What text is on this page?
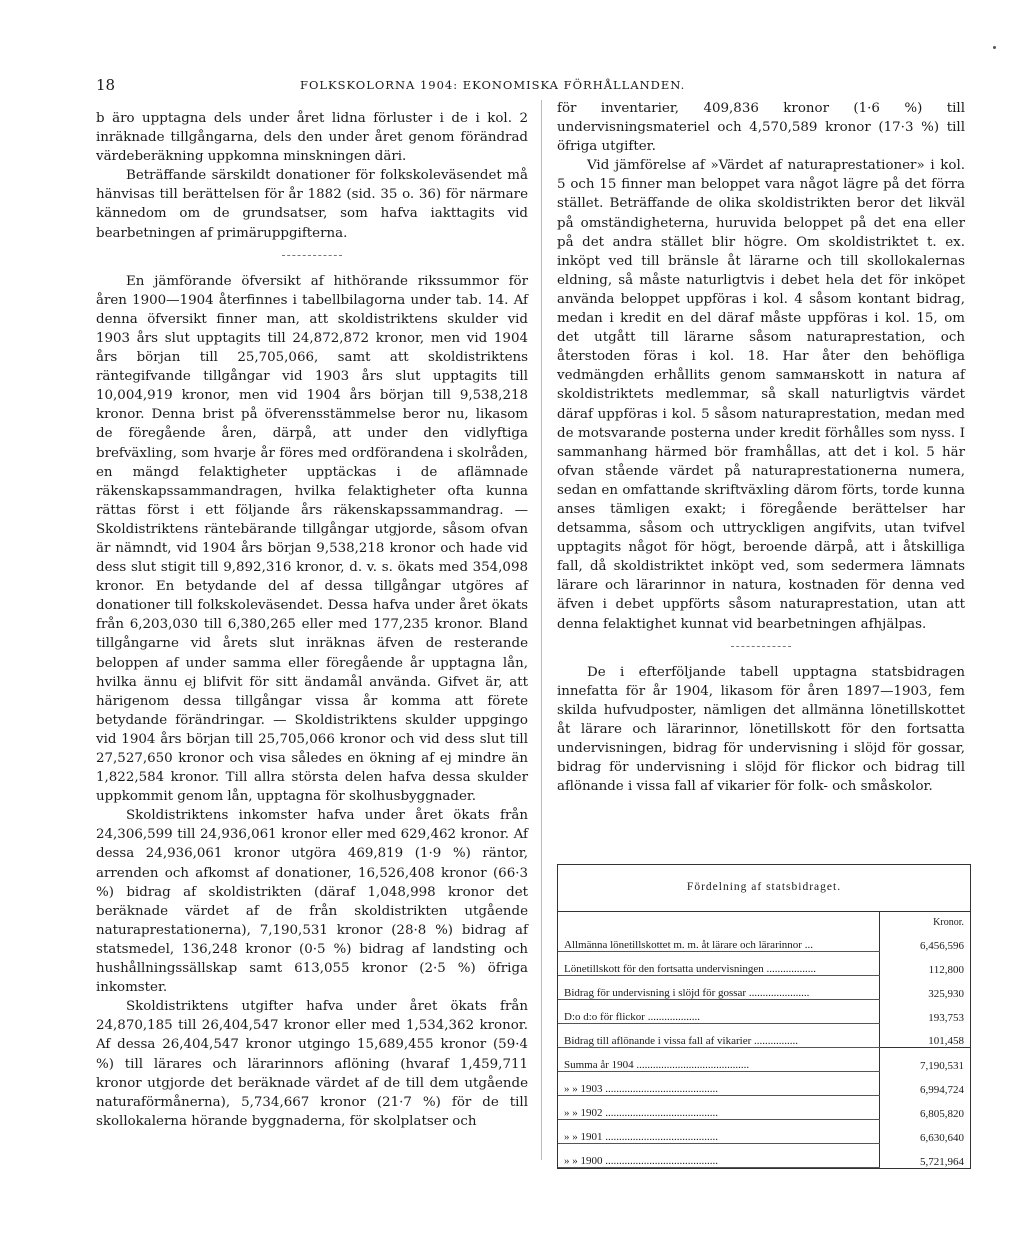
18	FOLKSKOLORNA 1904: EKONOMISKA FÖRHÅLLANDEN.

b äro upptagna dels under året lidna förluster i de i kol. 2 inräknade tillgångarna, dels den under året genom förändrad värdeberäkning uppkomna minskningen däri.

Beträffande särskildt donationer för folkskoleväsendet må hänvisas till berättelsen för år 1882 (sid. 35 o. 36) för närmare kännedom om de grundsatser, som hafva iakttagits vid bearbetningen af primäruppgifterna.

En jämförande öfversikt af hithörande rikssummor för åren 1900—1904 återfinnes i tabellbilagorna under tab. 14. Af denna öfversikt finner man, att skoldistriktens skulder vid 1903 års slut upptagits till 24,872,872 kronor, men vid 1904 års början till 25,705,066, samt att skoldistriktens räntegifvande tillgångar vid 1903 års slut upptagits till 10,004,919 kronor, men vid 1904 års början till 9,538,218 kronor. Denna brist på öfverensstämmelse beror nu, likasom de föregående åren, därpå, att under den vidlyftiga brefväxling, som hvarje år föres med ordförandena i skolråden, en mängd felaktigheter upptäckas i de aflämnade räkenskapssammandragen, hvilka felaktigheter ofta kunna rättas först i ett följande års räkenskapssammandrag. — Skoldistriktens räntebärande tillgångar utgjorde, såsom ofvan är nämndt, vid 1904 års början 9,538,218 kronor och hade vid dess slut stigit till 9,892,316 kronor, d. v. s. ökats med 354,098 kronor. En betydande del af dessa tillgångar utgöres af donationer till folkskoleväsendet. Dessa hafva under året ökats från 6,203,030 till 6,380,265 eller med 177,235 kronor. Bland tillgångarne vid årets slut inräknas äfven de resterande beloppen af under samma eller föregående år upptagna lån, hvilka ännu ej blifvit för sitt ändamål använda. Gifvet är, att härigenom dessa tillgångar vissa år komma att förete betydande förändringar. — Skoldistriktens skulder uppgingo vid 1904 års början till 25,705,066 kronor och vid dess slut till 27,527,650 kronor och visa således en ökning af ej mindre än 1,822,584 kronor. Till allra största delen hafva dessa skulder uppkommit genom lån, upptagna för skolhusbyggnader.

Skoldistriktens inkomster hafva under året ökats från 24,306,599 till 24,936,061 kronor eller med 629,462 kronor. Af dessa 24,936,061 kronor utgöra 469,819 (1·9 %) räntor, arrenden och afkomst af donationer, 16,526,408 kronor (66·3 %) bidrag af skoldistrikten (däraf 1,048,998 kronor det beräknade värdet af de från skoldistrikten utgående naturaprestationerna), 7,190,531 kronor (28·8 %) bidrag af statsmedel, 136,248 kronor (0·5 %) bidrag af landsting och hushållningssällskap samt 613,055 kronor (2·5 %) öfriga inkomster.

Skoldistriktens utgifter hafva under året ökats från 24,870,185 till 26,404,547 kronor eller med 1,534,362 kronor. Af dessa 26,404,547 kronor utgingo 15,689,455 kronor (59·4 %) till lärares och lärarinnors aflöning (hvaraf 1,459,711 kronor utgjorde det beräknade värdet af de till dem utgående naturaförmånerna), 5,734,667 kronor (21·7 %) för de till skollokalerna hörande byggnaderna, för skolplatser och

för inventarier, 409,836 kronor (1·6 %) till undervisningsmateriel och 4,570,589 kronor (17·3 %) till öfriga utgifter.

Vid jämförelse af »Värdet af naturaprestationer» i kol. 5 och 15 finner man beloppet vara något lägre på det förra stället. Beträffande de olika skoldistrikten beror det likväl på omständigheterna, huruvida beloppet på det ena eller på det andra stället blir högre. Om skoldistriktet t. ex. inköpt ved till bränsle åt lärarne och till skollokalernas eldning, så måste naturligtvis i debet hela det för inköpet använda beloppet uppföras i kol. 4 såsom kontant bidrag, medan i kredit en del däraf måste uppföras i kol. 15, om det utgått till lärarne såsom naturaprestation, och återstoden föras i kol. 18. Har åter den behöfliga vedmängden erhållits genom samманskott in natura af skoldistriktets medlemmar, så skall naturligtvis värdet däraf uppföras i kol. 5 såsom naturaprestation, medan med de motsvarande posterna under kredit förhålles som nyss. I sammanhang härmed bör framhållas, att det i kol. 5 här ofvan stående värdet på naturaprestationerna numera, sedan en omfattande skriftväxling därom förts, torde kunna anses tämligen exakt; i föregående berättelser har detsamma, såsom och uttryckligen angifvits, utan tvifvel upptagits något för högt, beroende därpå, att i åtskilliga fall, då skoldistriktet inköpt ved, som sedermera lämnats lärare och lärarinnor in natura, kostnaden för denna ved äfven i debet uppförts såsom naturaprestation, utan att denna felaktighet kunnat vid bearbetningen afhjälpas.

De i efterföljande tabell upptagna statsbidragen innefatta för år 1904, likasom för åren 1897—1903, fem skilda hufvudposter, nämligen det allmänna lönetillskottet åt lärare och lärarinnor, lönetillskott för den fortsatta undervisningen, bidrag för undervisning i slöjd för gossar, bidrag för undervisning i slöjd för flickor och bidrag till aflönande i vissa fall af vikarier för folk- och småskolor.

Fördelning af statsbidraget.
	Kronor.
Allmänna lönetillskottet m. m. åt lärare och lärarinnor ...	6,456,596
Lönetillskott för den fortsatta undervisningen ..................	112,800
Bidrag för undervisning i slöjd för gossar ......................	325,930
D:o d:o för flickor ...................	193,753
Bidrag till aflönande i vissa fall af vikarier ................	101,458
Summa år 1904 .........................................	7,190,531
» » 1903 .........................................	6,994,724
» » 1902 .........................................	6,805,820
» » 1901 .........................................	6,630,640
» » 1900 .........................................	5,721,964
